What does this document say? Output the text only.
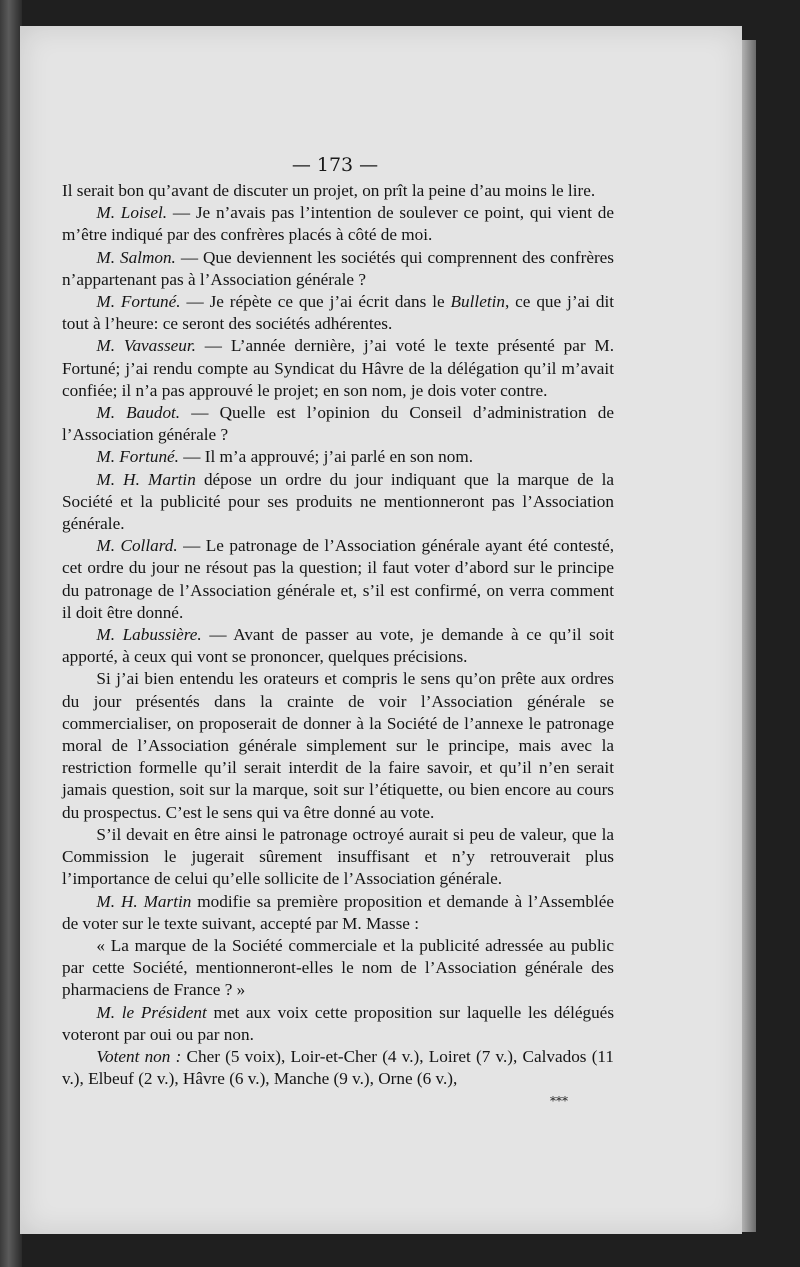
— 173 —

Il serait bon qu’avant de discuter un projet, on prît la peine d’au moins le lire.

M. Loisel. — Je n’avais pas l’intention de soulever ce point, qui vient de m’être indiqué par des confrères placés à côté de moi.

M. Salmon. — Que deviennent les sociétés qui comprennent des confrères n’appartenant pas à l’Association générale ?

M. Fortuné. — Je répète ce que j’ai écrit dans le Bulletin, ce que j’ai dit tout à l’heure: ce seront des sociétés adhérentes.

M. Vavasseur. — L’année dernière, j’ai voté le texte présenté par M. Fortuné; j’ai rendu compte au Syndicat du Hâvre de la délégation qu’il m’avait confiée; il n’a pas approuvé le projet; en son nom, je dois voter contre.

M. Baudot. — Quelle est l’opinion du Conseil d’administration de l’Association générale ?

M. Fortuné. — Il m’a approuvé; j’ai parlé en son nom.

M. H. Martin dépose un ordre du jour indiquant que la marque de la Société et la publicité pour ses produits ne mentionneront pas l’Association générale.

M. Collard. — Le patronage de l’Association générale ayant été contesté, cet ordre du jour ne résout pas la question; il faut voter d’abord sur le principe du patronage de l’Association générale et, s’il est confirmé, on verra comment il doit être donné.

M. Labussière. — Avant de passer au vote, je demande à ce qu’il soit apporté, à ceux qui vont se prononcer, quelques précisions.

Si j’ai bien entendu les orateurs et compris le sens qu’on prête aux ordres du jour présentés dans la crainte de voir l’Association générale se commercialiser, on proposerait de donner à la Société de l’annexe le patronage moral de l’Association générale simplement sur le principe, mais avec la restriction formelle qu’il serait interdit de la faire savoir, et qu’il n’en serait jamais question, soit sur la marque, soit sur l’étiquette, ou bien encore au cours du prospectus. C’est le sens qui va être donné au vote.

S’il devait en être ainsi le patronage octroyé aurait si peu de valeur, que la Commission le jugerait sûrement insuffisant et n’y retrouverait plus l’importance de celui qu’elle sollicite de l’Association générale.

M. H. Martin modifie sa première proposition et demande à l’Assemblée de voter sur le texte suivant, accepté par M. Masse :

« La marque de la Société commerciale et la publicité adressée au public par cette Société, mentionneront-elles le nom de l’Association générale des pharmaciens de France ? »

M. le Président met aux voix cette proposition sur laquelle les délégués voteront par oui ou par non.

Votent non : Cher (5 voix), Loir-et-Cher (4 v.), Loiret (7 v.), Calvados (11 v.), Elbeuf (2 v.), Hâvre (6 v.), Manche (9 v.), Orne (6 v.),

***
